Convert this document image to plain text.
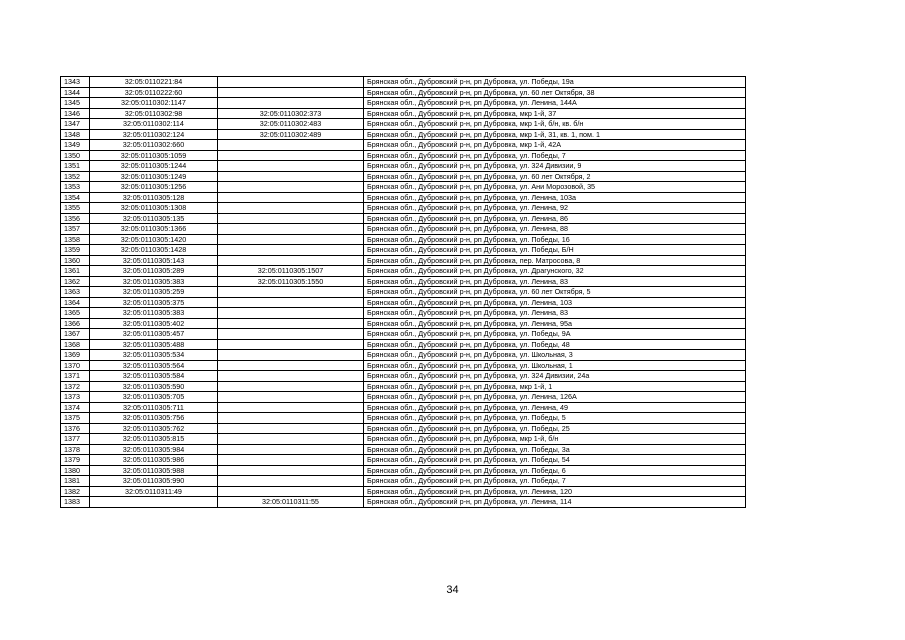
1343	32:05:0110221:84		Брянская обл., Дубровский р-н, рп Дубровка, ул. Победы, 19а
1344	32:05:0110222:60		Брянская обл., Дубровский р-н, рп Дубровка, ул. 60 лет Октября, 38
1345	32:05:0110302:1147		Брянская обл., Дубровский р-н, рп Дубровка, ул. Ленина, 144А
1346	32:05:0110302:98	32:05:0110302:373	Брянская обл., Дубровский р-н, рп Дубровка, мкр 1-й, 37
1347	32:05:0110302:114	32:05:0110302:483	Брянская обл., Дубровский р-н, рп Дубровка, мкр 1-й, б/н, кв. б/н
1348	32:05:0110302:124	32:05:0110302:489	Брянская обл., Дубровский р-н, рп Дубровка, мкр 1-й, 31, кв. 1, пом. 1
1349	32:05:0110302:660		Брянская обл., Дубровский р-н, рп Дубровка, мкр 1-й, 42А
1350	32:05:0110305:1059		Брянская обл., Дубровский р-н, рп Дубровка, ул. Победы, 7
1351	32:05:0110305:1244		Брянская обл., Дубровский р-н, рп Дубровка, ул. 324 Дивизии, 9
1352	32:05:0110305:1249		Брянская обл., Дубровский р-н, рп Дубровка, ул. 60 лет Октября, 2
1353	32:05:0110305:1256		Брянская обл., Дубровский р-н, рп Дубровка, ул. Ани Морозовой, 35
1354	32:05:0110305:128		Брянская обл., Дубровский р-н, рп Дубровка, ул. Ленина, 103а
1355	32:05:0110305:1308		Брянская обл., Дубровский р-н, рп Дубровка, ул. Ленина, 92
1356	32:05:0110305:135		Брянская обл., Дубровский р-н, рп Дубровка, ул. Ленина, 86
1357	32:05:0110305:1366		Брянская обл., Дубровский р-н, рп Дубровка, ул. Ленина, 88
1358	32:05:0110305:1420		Брянская обл., Дубровский р-н, рп Дубровка, ул. Победы, 16
1359	32:05:0110305:1428		Брянская обл., Дубровский р-н, рп Дубровка, ул. Победы, Б/Н
1360	32:05:0110305:143		Брянская обл., Дубровский р-н, рп Дубровка, пер. Матросова, 8
1361	32:05:0110305:289	32:05:0110305:1507	Брянская обл., Дубровский р-н, рп Дубровка, ул. Драгунского, 32
1362	32:05:0110305:383	32:05:0110305:1550	Брянская обл., Дубровский р-н, рп Дубровка, ул. Ленина, 83
1363	32:05:0110305:259		Брянская обл., Дубровский р-н, рп Дубровка, ул. 60 лет Октября, 5
1364	32:05:0110305:375		Брянская обл., Дубровский р-н, рп Дубровка, ул. Ленина, 103
1365	32:05:0110305:383		Брянская обл., Дубровский р-н, рп Дубровка, ул. Ленина, 83
1366	32:05:0110305:402		Брянская обл., Дубровский р-н, рп Дубровка, ул. Ленина, 95а
1367	32:05:0110305:457		Брянская обл., Дубровский р-н, рп Дубровка, ул. Победы, 9А
1368	32:05:0110305:488		Брянская обл., Дубровский р-н, рп Дубровка, ул. Победы, 48
1369	32:05:0110305:534		Брянская обл., Дубровский р-н, рп Дубровка, ул. Школьная, 3
1370	32:05:0110305:564		Брянская обл., Дубровский р-н, рп Дубровка, ул. Школьная, 1
1371	32:05:0110305:584		Брянская обл., Дубровский р-н, рп Дубровка, ул. 324 Дивизии, 24а
1372	32:05:0110305:590		Брянская обл., Дубровский р-н, рп Дубровка, мкр 1-й, 1
1373	32:05:0110305:705		Брянская обл., Дубровский р-н, рп Дубровка, ул. Ленина, 126А
1374	32:05:0110305:711		Брянская обл., Дубровский р-н, рп Дубровка, ул. Ленина, 49
1375	32:05:0110305:756		Брянская обл., Дубровский р-н, рп Дубровка, ул. Победы, 5
1376	32:05:0110305:762		Брянская обл., Дубровский р-н, рп Дубровка, ул. Победы, 25
1377	32:05:0110305:815		Брянская обл., Дубровский р-н, рп Дубровка, мкр 1-й, б/н
1378	32:05:0110305:984		Брянская обл., Дубровский р-н, рп Дубровка, ул. Победы, 3а
1379	32:05:0110305:986		Брянская обл., Дубровский р-н, рп Дубровка, ул. Победы, 54
1380	32:05:0110305:988		Брянская обл., Дубровский р-н, рп Дубровка, ул. Победы, 6
1381	32:05:0110305:990		Брянская обл., Дубровский р-н, рп Дубровка, ул. Победы, 7
1382	32:05:0110311:49		Брянская обл., Дубровский р-н, рп Дубровка, ул. Ленина, 120
1383		32:05:0110311:55	Брянская обл., Дубровский р-н, рп Дубровка, ул. Ленина, 114
34
